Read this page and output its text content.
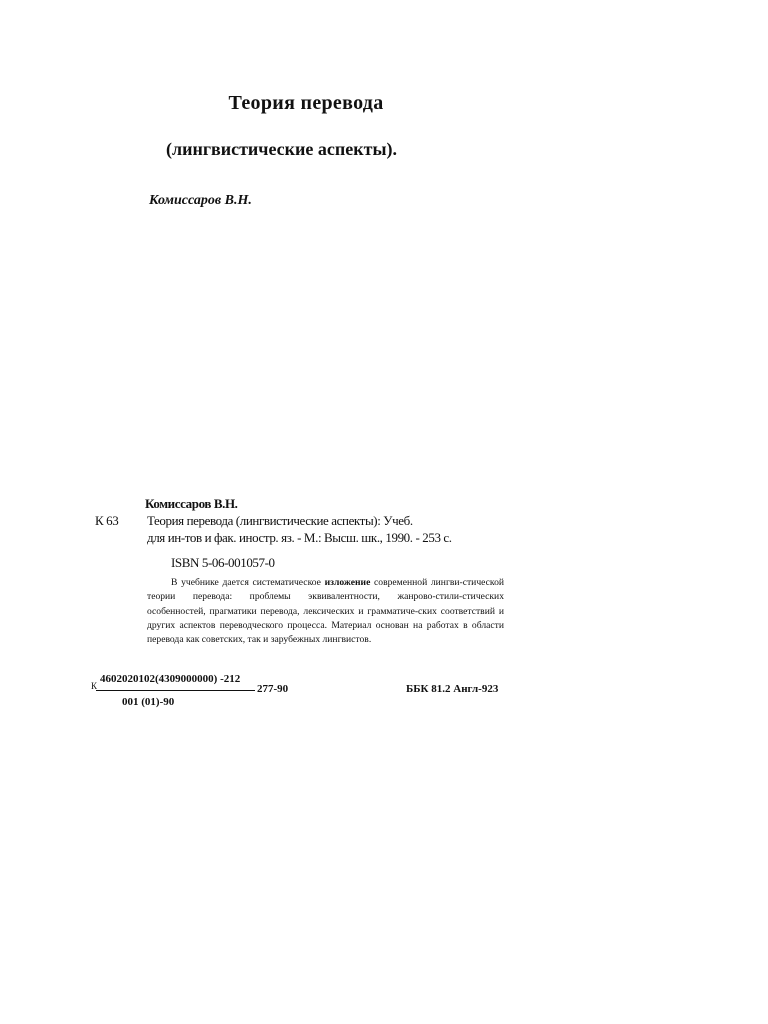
Теория перевода
(лингвистические аспекты).
Комиссаров В.Н.
Комиссаров В.Н.
К 63 Теория перевода (лингвистические аспекты): Учеб.
для ин-тов и фак. иностр. яз. - М.: Высш. шк., 1990. - 253 с.
ISBN 5-06-001057-0

В учебнике дается систематическое изложение современной лингви-стической теории перевода: проблемы эквивалентности, жанрово-стили-стических особенностей, прагматики перевода, лексических и грамматиче-ских соответствий и других аспектов переводческого процесса. Материал основан на работах в области перевода как советских, так и зарубежных лингвистов.

К
4602020102(4309000000) -212
277-90
001 (01)-90
ББК 81.2 Англ-923
